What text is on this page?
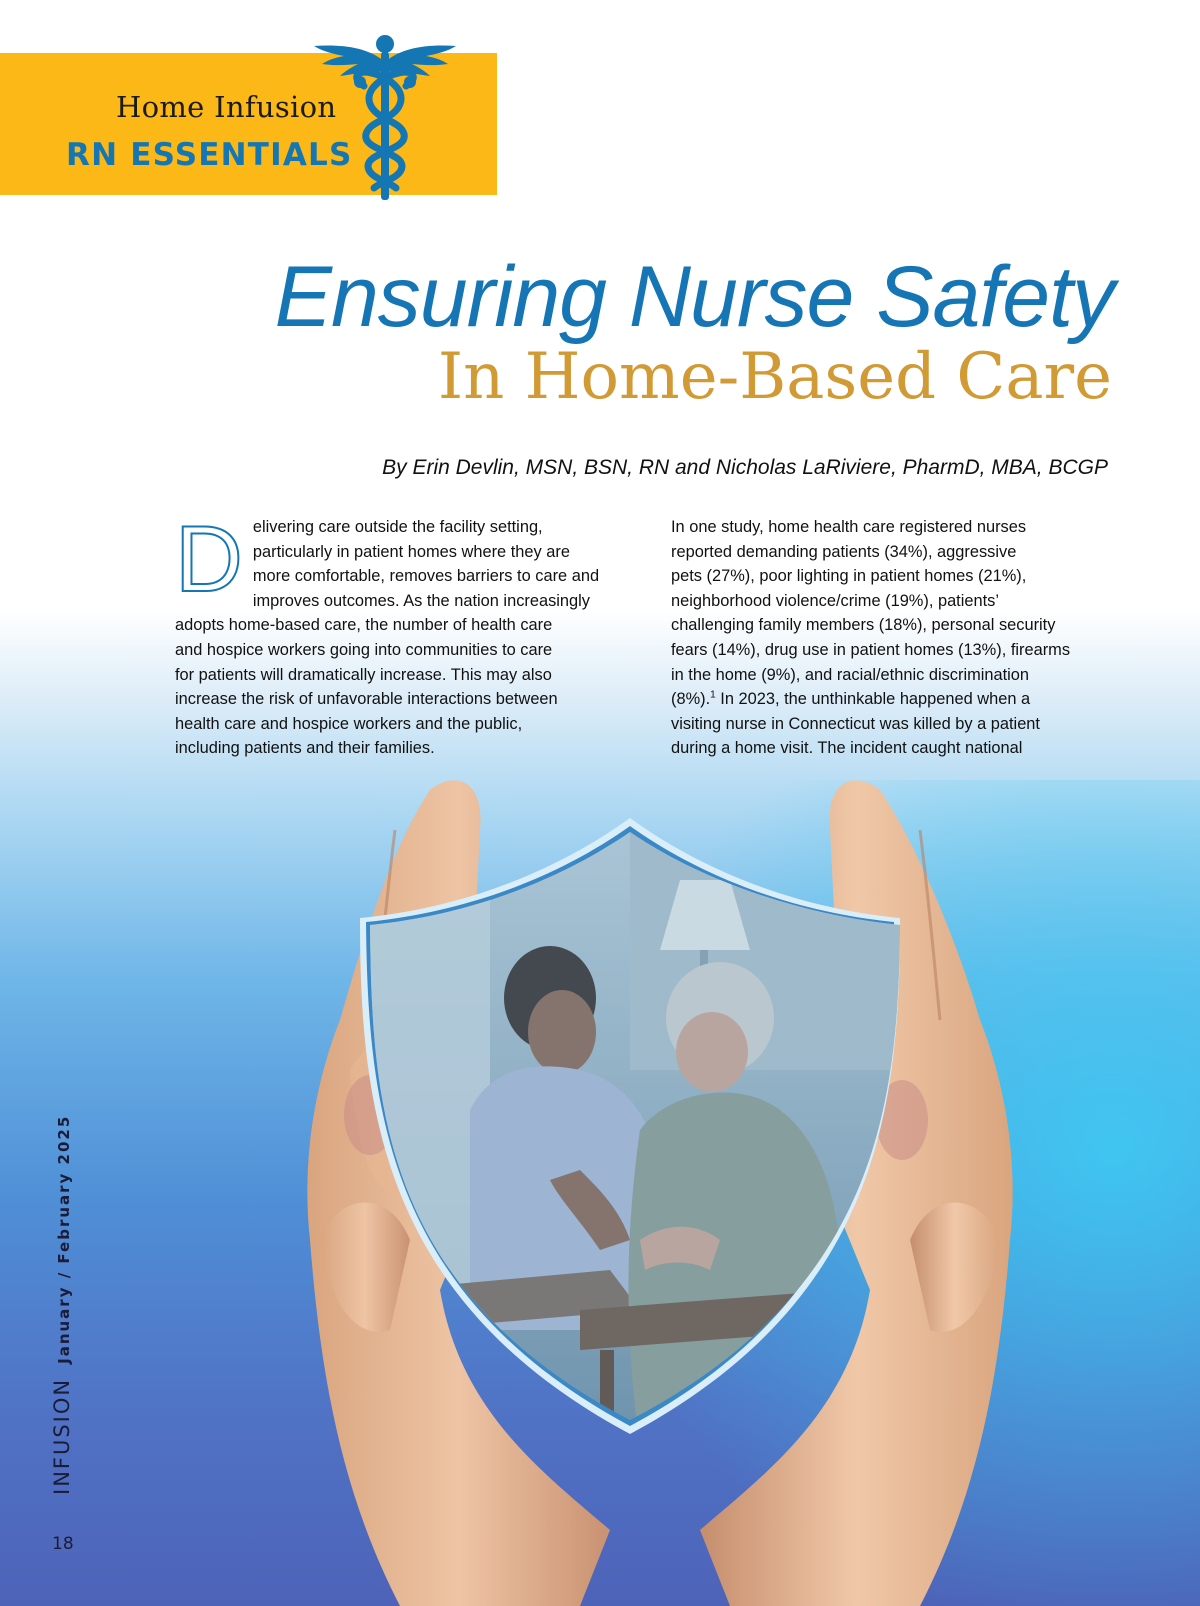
Home Infusion
RN ESSENTIALS
Ensuring Nurse Safety
In Home-Based Care
By Erin Devlin, MSN, BSN, RN and Nicholas LaRiviere, PharmD, MBA, BCGP
D elivering care outside the facility setting,
particularly in patient homes where they are
more comfortable, removes barriers to care and
improves outcomes. As the nation increasingly
adopts home-based care, the number of health care
and hospice workers going into communities to care
for patients will dramatically increase. This may also
increase the risk of unfavorable interactions between
health care and hospice workers and the public,
including patients and their families.
In one study, home health care registered nurses
reported demanding patients (34%), aggressive
pets (27%), poor lighting in patient homes (21%),
neighborhood violence/crime (19%), patients’
challenging family members (18%), personal security
fears (14%), drug use in patient homes (13%), firearms
in the home (9%), and racial/ethnic discrimination
(8%).$^1$ In 2023, the unthinkable happened when a
visiting nurse in Connecticut was killed by a patient
during a home visit. The incident caught national
INFUSIONJanuary / February 2025
18
